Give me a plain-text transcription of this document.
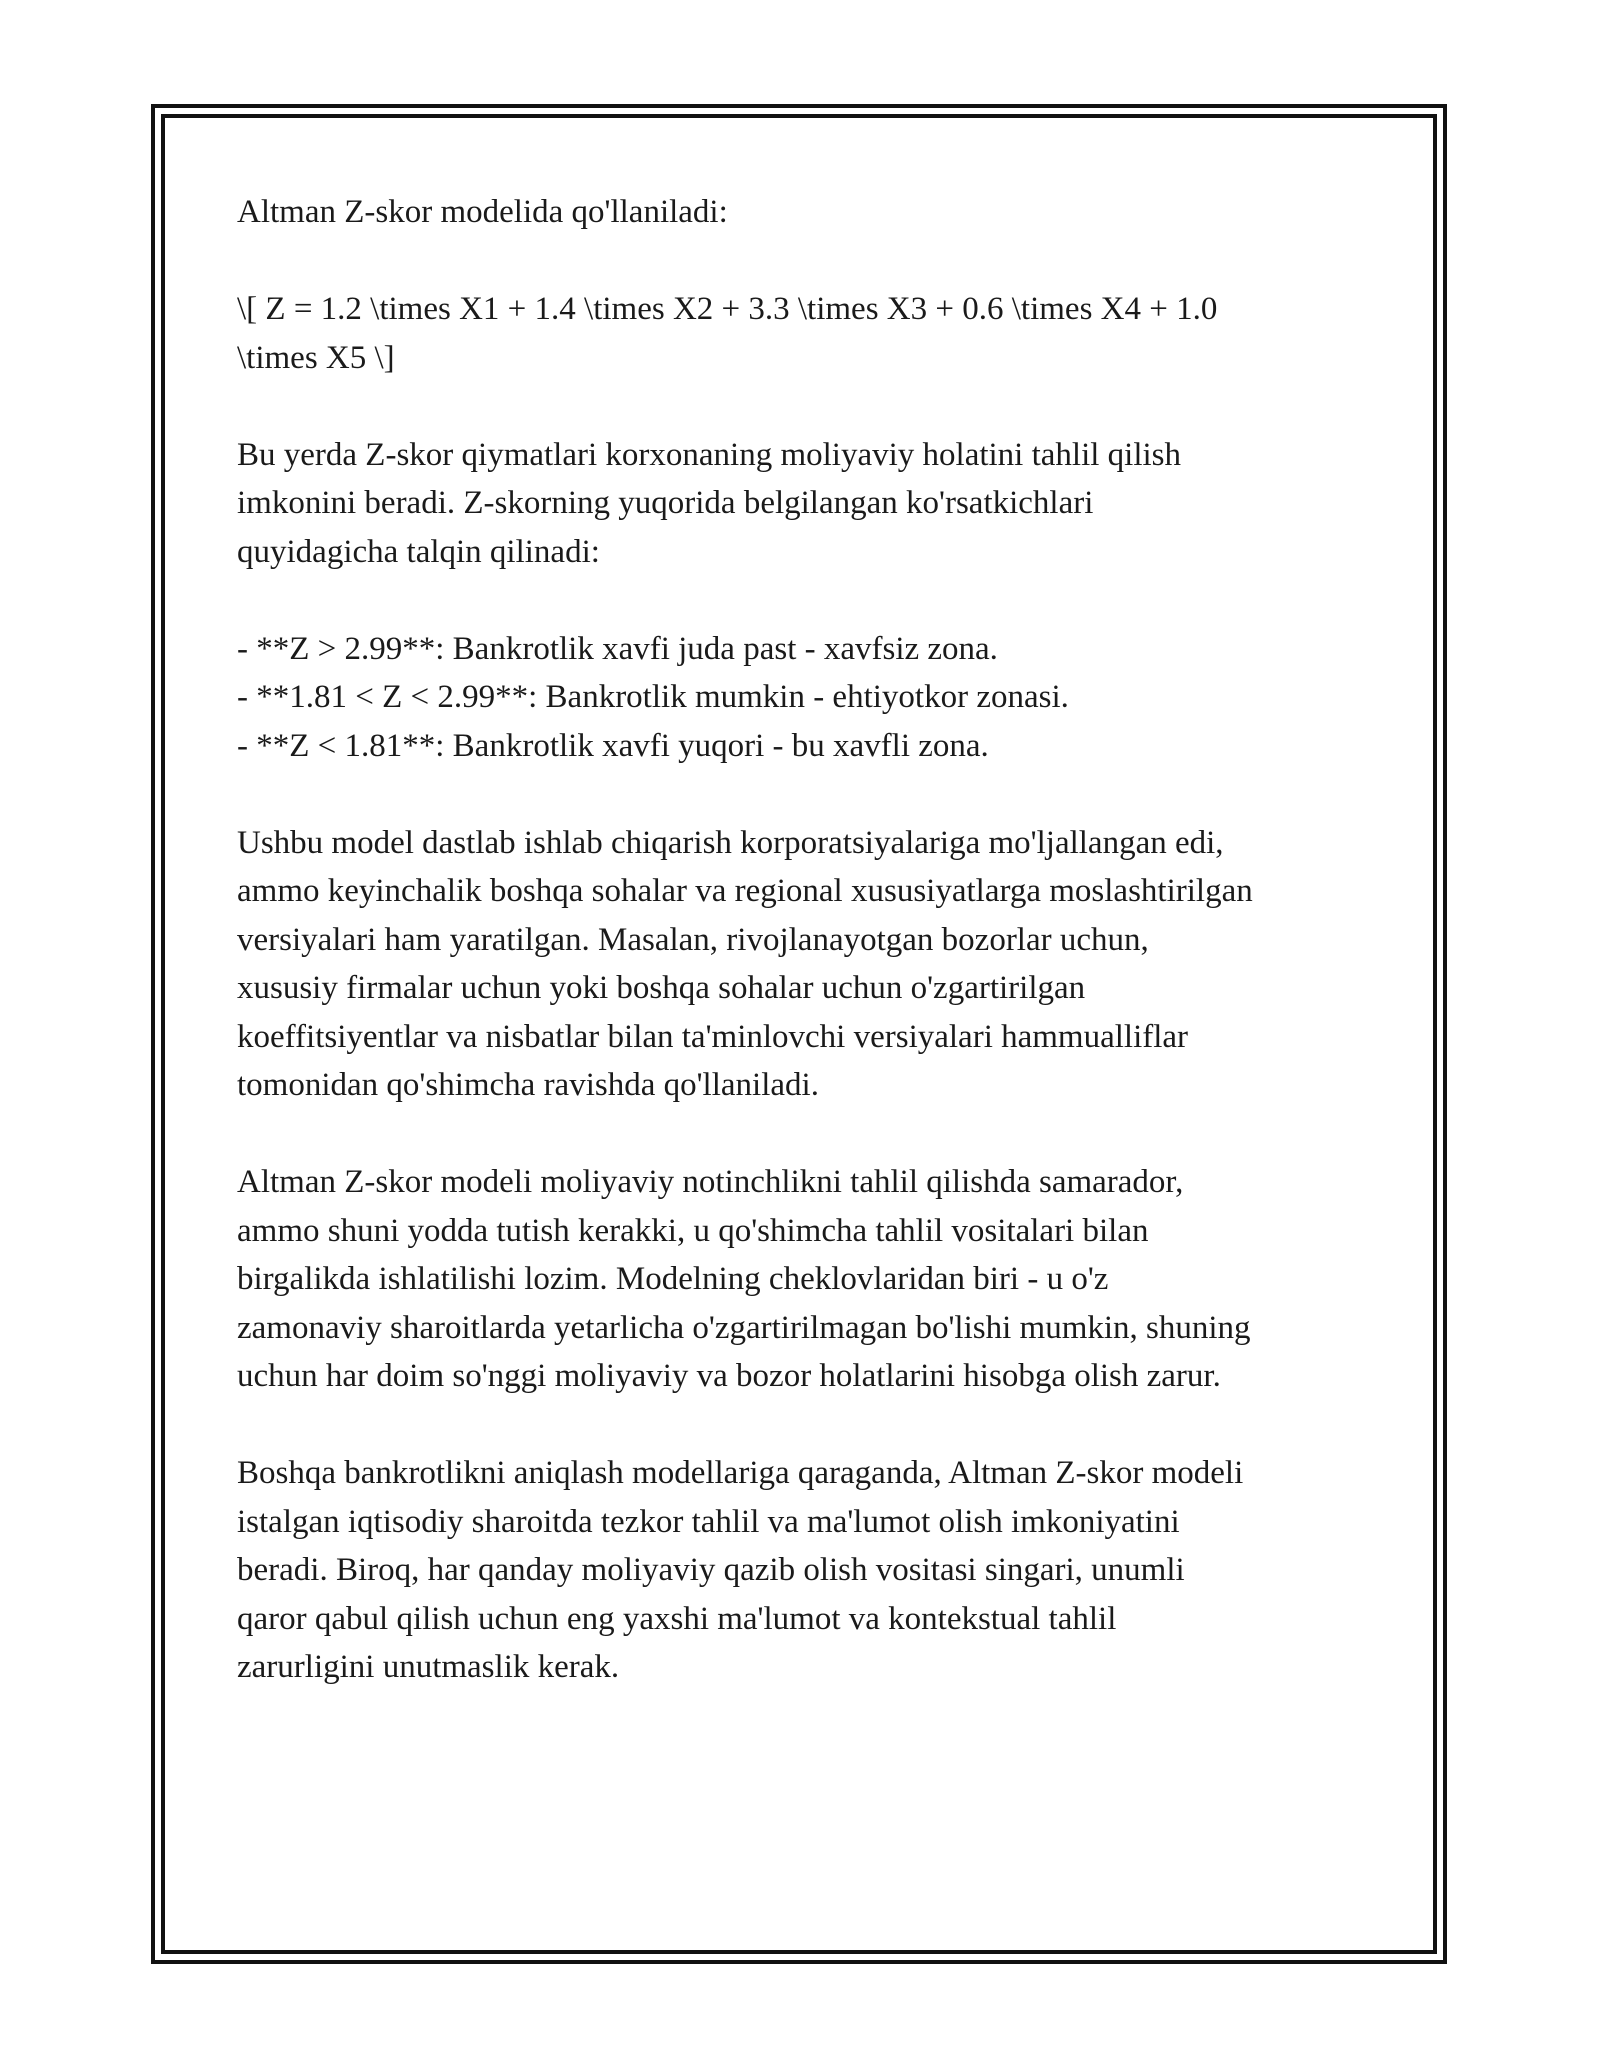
Altman Z-skor modelida qo'llaniladi:

\[ Z = 1.2 \times X1 + 1.4 \times X2 + 3.3 \times X3 + 0.6 \times X4 + 1.0
\times X5 \]

Bu yerda Z-skor qiymatlari korxonaning moliyaviy holatini tahlil qilish
imkonini beradi. Z-skorning yuqorida belgilangan ko'rsatkichlari
quyidagicha talqin qilinadi:

- **Z > 2.99**: Bankrotlik xavfi juda past - xavfsiz zona.
- **1.81 < Z < 2.99**: Bankrotlik mumkin - ehtiyotkor zonasi.
- **Z < 1.81**: Bankrotlik xavfi yuqori - bu xavfli zona.

Ushbu model dastlab ishlab chiqarish korporatsiyalariga mo'ljallangan edi,
ammo keyinchalik boshqa sohalar va regional xususiyatlarga moslashtirilgan
versiyalari ham yaratilgan. Masalan, rivojlanayotgan bozorlar uchun,
xususiy firmalar uchun yoki boshqa sohalar uchun o'zgartirilgan
koeffitsiyentlar va nisbatlar bilan ta'minlovchi versiyalari hammualliflar
tomonidan qo'shimcha ravishda qo'llaniladi.

Altman Z-skor modeli moliyaviy notinchlikni tahlil qilishda samarador,
ammo shuni yodda tutish kerakki, u qo'shimcha tahlil vositalari bilan
birgalikda ishlatilishi lozim. Modelning cheklovlaridan biri - u o'z
zamonaviy sharoitlarda yetarlicha o'zgartirilmagan bo'lishi mumkin, shuning
uchun har doim so'nggi moliyaviy va bozor holatlarini hisobga olish zarur.

Boshqa bankrotlikni aniqlash modellariga qaraganda, Altman Z-skor modeli
istalgan iqtisodiy sharoitda tezkor tahlil va ma'lumot olish imkoniyatini
beradi. Biroq, har qanday moliyaviy qazib olish vositasi singari, unumli
qaror qabul qilish uchun eng yaxshi ma'lumot va kontekstual tahlil
zarurligini unutmaslik kerak.
